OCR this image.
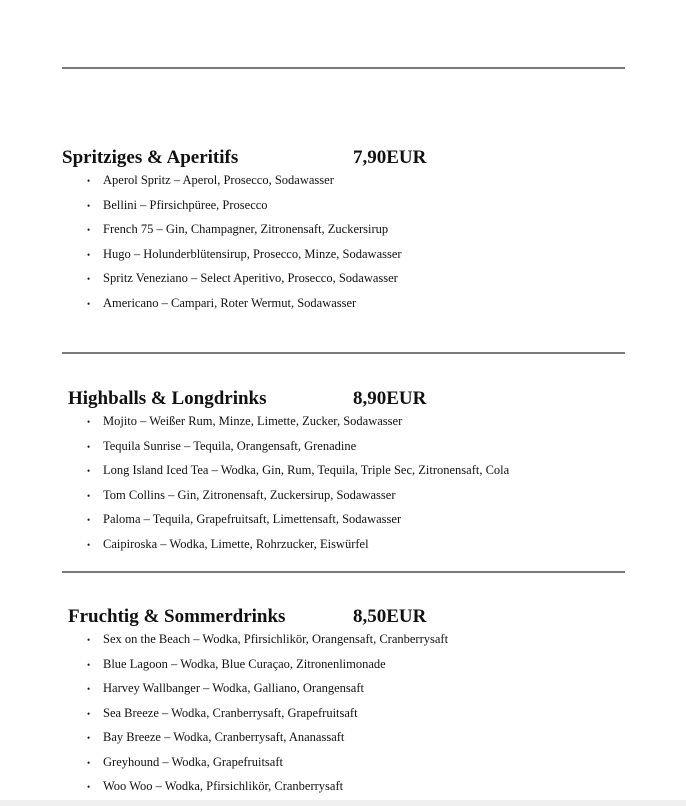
Spritziges & Aperitifs	7,90EUR
• Aperol Spritz – Aperol, Prosecco, Sodawasser
• Bellini – Pfirsichpüree, Prosecco
• French 75 – Gin, Champagner, Zitronensaft, Zuckersirup
• Hugo – Holunderblütensirup, Prosecco, Minze, Sodawasser
• Spritz Veneziano – Select Aperitivo, Prosecco, Sodawasser
• Americano – Campari, Roter Wermut, Sodawasser
Highballs & Longdrinks	8,90EUR
• Mojito – Weißer Rum, Minze, Limette, Zucker, Sodawasser
• Tequila Sunrise – Tequila, Orangensaft, Grenadine
• Long Island Iced Tea – Wodka, Gin, Rum, Tequila, Triple Sec, Zitronensaft, Cola
• Tom Collins – Gin, Zitronensaft, Zuckersirup, Sodawasser
• Paloma – Tequila, Grapefruitsaft, Limettensaft, Sodawasser
• Caipiroska – Wodka, Limette, Rohrzucker, Eiswürfel
Fruchtig & Sommerdrinks	8,50EUR
• Sex on the Beach – Wodka, Pfirsichlikör, Orangensaft, Cranberrysaft
• Blue Lagoon – Wodka, Blue Curaçao, Zitronenlimonade
• Harvey Wallbanger – Wodka, Galliano, Orangensaft
• Sea Breeze – Wodka, Cranberrysaft, Grapefruitsaft
• Bay Breeze – Wodka, Cranberrysaft, Ananassaft
• Greyhound – Wodka, Grapefruitsaft
• Woo Woo – Wodka, Pfirsichlikör, Cranberrysaft
